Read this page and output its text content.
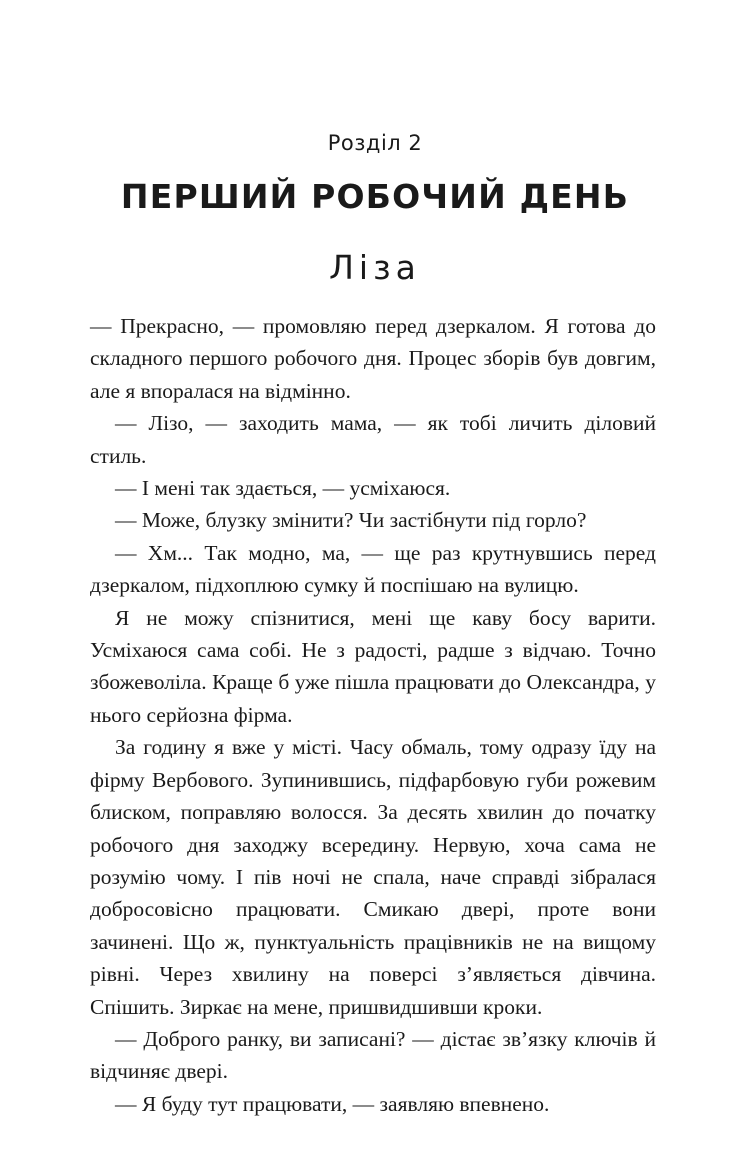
Розділ 2
ПЕРШИЙ РОБОЧИЙ ДЕНЬ
Ліза

— Прекрасно, — промовляю перед дзеркалом. Я готова до складного першого робочого дня. Процес зборів був довгим, але я впоралася на відмінно.

— Лізо, — заходить мама, — як тобі личить діловий стиль.

— І мені так здається, — усміхаюся.

— Може, блузку змінити? Чи застібнути під горло?

— Хм... Так модно, ма, — ще раз крутнувшись перед дзеркалом, підхоплюю сумку й поспішаю на вулицю.

Я не можу спізнитися, мені ще каву босу варити. Усміхаюся сама собі. Не з радості, радше з відчаю. Точно збожеволіла. Краще б уже пішла працювати до Олександра, у нього серйозна фірма.

За годину я вже у місті. Часу обмаль, тому одразу їду на фірму Вербового. Зупинившись, підфарбовую губи рожевим блиском, поправляю волосся. За десять хвилин до початку робочого дня заходжу всередину. Нервую, хоча сама не розумію чому. І пів ночі не спала, наче справді зібралася добросовісно працювати. Смикаю двері, проте вони зачинені. Що ж, пунктуальність працівників не на вищому рівні. Через хвилину на поверсі з’являється дівчина. Спішить. Зиркає на мене, пришвидшивши кроки.

— Доброго ранку, ви записані? — дістає зв’язку ключів й відчиняє двері.

— Я буду тут працювати, — заявляю впевнено.
